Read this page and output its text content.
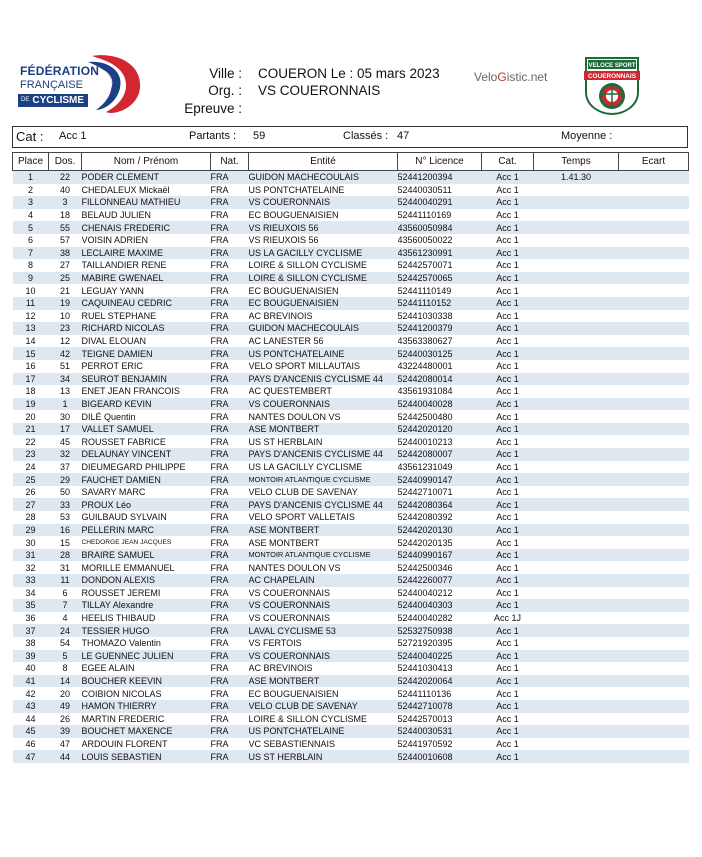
FÉDÉRATION
FRANÇAISE
DE CYCLISME
Ville : COUERON Le : 05 mars 2023
Org. : VS COUERONNAIS
Epreuve :
VeloGistic.net
VELOCE SPORT
COUERONNAIS
Cat : Acc 1	Partants : 59	Classés : 47	Moyenne :
Place	Dos.	Nom / Prénom	Nat.	Entité	N° Licence	Cat.	Temps	Ecart
1	22	PODER CLEMENT	FRA	GUIDON MACHECOULAIS	52441200394	Acc 1	1.41.30	
2	40	CHEDALEUX Mickaël	FRA	US PONTCHATELAINE	52440030511	Acc 1		
3	3	FILLONNEAU MATHIEU	FRA	VS COUERONNAIS	52440040291	Acc 1		
4	18	BELAUD JULIEN	FRA	EC BOUGUENAISIEN	52441110169	Acc 1		
5	55	CHENAIS FREDERIC	FRA	VS RIEUXOIS 56	43560050984	Acc 1		
6	57	VOISIN ADRIEN	FRA	VS RIEUXOIS 56	43560050022	Acc 1		
7	38	LECLAIRE MAXIME	FRA	US LA GACILLY CYCLISME	43561230991	Acc 1		
8	27	TAILLANDIER RENE	FRA	LOIRE & SILLON CYCLISME	52442570071	Acc 1		
9	25	MABIRE GWENAEL	FRA	LOIRE & SILLON CYCLISME	52442570065	Acc 1		
10	21	LEGUAY YANN	FRA	EC BOUGUENAISIEN	52441110149	Acc 1		
11	19	CAQUINEAU CEDRIC	FRA	EC BOUGUENAISIEN	52441110152	Acc 1		
12	10	RUEL STEPHANE	FRA	AC BREVINOIS	52441030338	Acc 1		
13	23	RICHARD NICOLAS	FRA	GUIDON MACHECOULAIS	52441200379	Acc 1		
14	12	DIVAL ELOUAN	FRA	AC LANESTER 56	43563380627	Acc 1		
15	42	TEIGNE DAMIEN	FRA	US PONTCHATELAINE	52440030125	Acc 1		
16	51	PERROT ERIC	FRA	VELO SPORT MILLAUTAIS	43224480001	Acc 1		
17	34	SEUROT BENJAMIN	FRA	PAYS D'ANCENIS CYCLISME 44	52442080014	Acc 1		
18	13	ENET JEAN FRANCOIS	FRA	AC QUESTEMBERT	43561931084	Acc 1		
19	1	BIGEARD KEVIN	FRA	VS COUERONNAIS	52440040028	Acc 1		
20	30	DILÉ Quentin	FRA	NANTES DOULON VS	52442500480	Acc 1		
21	17	VALLET SAMUEL	FRA	ASE MONTBERT	52442020120	Acc 1		
22	45	ROUSSET FABRICE	FRA	US ST HERBLAIN	52440010213	Acc 1		
23	32	DELAUNAY VINCENT	FRA	PAYS D'ANCENIS CYCLISME 44	52442080007	Acc 1		
24	37	DIEUMEGARD PHILIPPE	FRA	US LA GACILLY CYCLISME	43561231049	Acc 1		
25	29	FAUCHET DAMIEN	FRA	MONTOIR ATLANTIQUE CYCLISME	52440990147	Acc 1		
26	50	SAVARY MARC	FRA	VELO CLUB DE SAVENAY	52442710071	Acc 1		
27	33	PROUX Léo	FRA	PAYS D'ANCENIS CYCLISME 44	52442080364	Acc 1		
28	53	GUILBAUD SYLVAIN	FRA	VELO SPORT VALLETAIS	52442080392	Acc 1		
29	16	PELLERIN MARC	FRA	ASE MONTBERT	52442020130	Acc 1		
30	15	CHEDORGE JEAN JACQUES	FRA	ASE MONTBERT	52442020135	Acc 1		
31	28	BRAIRE SAMUEL	FRA	MONTOIR ATLANTIQUE CYCLISME	52440990167	Acc 1		
32	31	MORILLE EMMANUEL	FRA	NANTES DOULON VS	52442500346	Acc 1		
33	11	DONDON ALEXIS	FRA	AC CHAPELAIN	52442260077	Acc 1		
34	6	ROUSSET JEREMI	FRA	VS COUERONNAIS	52440040212	Acc 1		
35	7	TILLAY Alexandre	FRA	VS COUERONNAIS	52440040303	Acc 1		
36	4	HEELIS THIBAUD	FRA	VS COUERONNAIS	52440040282	Acc 1J		
37	24	TESSIER HUGO	FRA	LAVAL CYCLISME 53	52532750938	Acc 1		
38	54	THOMAZO Valentin	FRA	VS FERTOIS	52721920395	Acc 1		
39	5	LE GUENNEC JULIEN	FRA	VS COUERONNAIS	52440040225	Acc 1		
40	8	EGEE ALAIN	FRA	AC BREVINOIS	52441030413	Acc 1		
41	14	BOUCHER KEEVIN	FRA	ASE MONTBERT	52442020064	Acc 1		
42	20	COIBION NICOLAS	FRA	EC BOUGUENAISIEN	52441110136	Acc 1		
43	49	HAMON THIERRY	FRA	VELO CLUB DE SAVENAY	52442710078	Acc 1		
44	26	MARTIN FREDERIC	FRA	LOIRE & SILLON CYCLISME	52442570013	Acc 1		
45	39	BOUCHET MAXENCE	FRA	US PONTCHATELAINE	52440030531	Acc 1		
46	47	ARDOUIN FLORENT	FRA	VC SEBASTIENNAIS	52441970592	Acc 1		
47	44	LOUIS SEBASTIEN	FRA	US ST HERBLAIN	52440010608	Acc 1		
